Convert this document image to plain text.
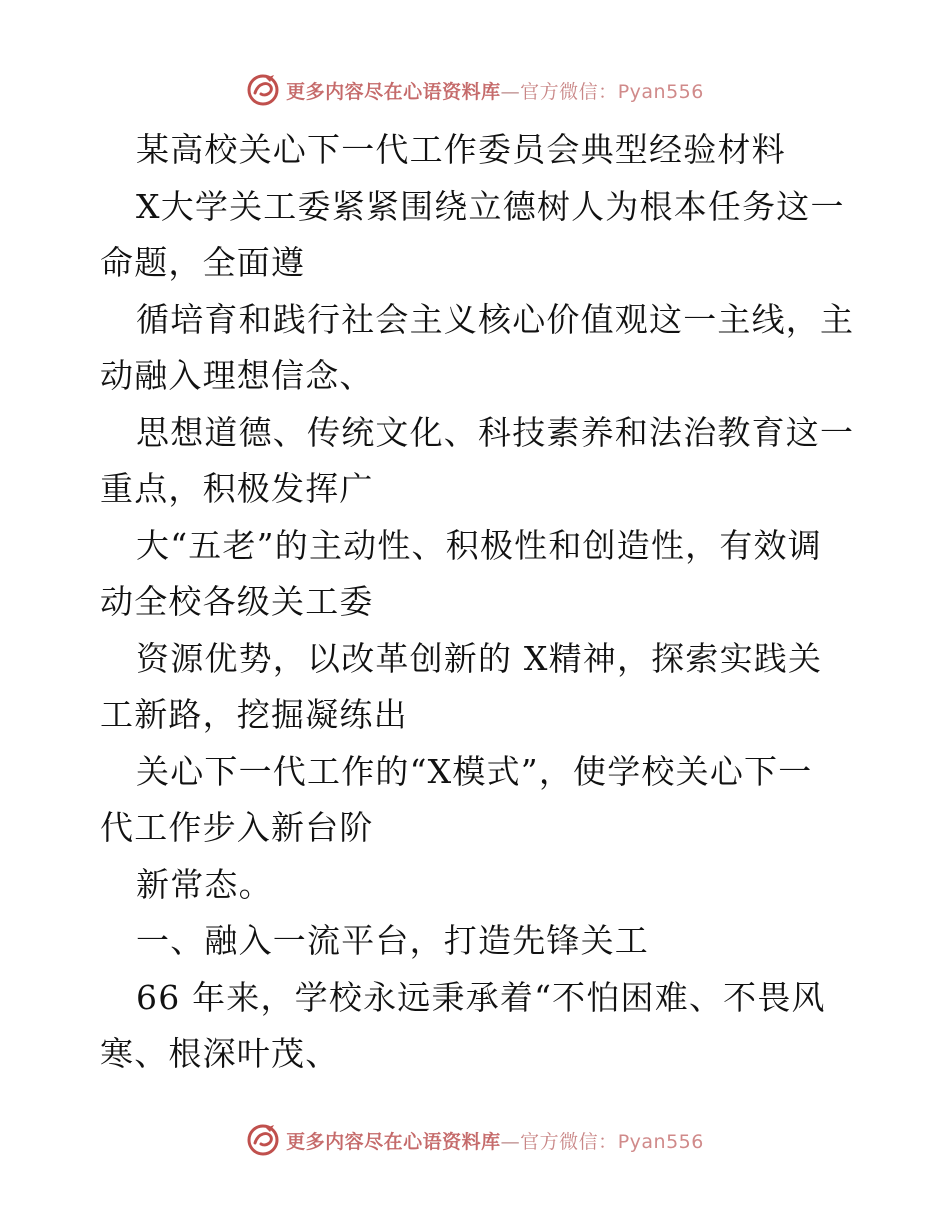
更多内容尽在心语资料库—官方微信：Pyan556
某高校关心下一代工作委员会典型经验材料
X大学关工委紧紧围绕立德树人为根本任务这一
命题，全面遵
循培育和践行社会主义核心价值观这一主线，主
动融入理想信念、
思想道德、传统文化、科技素养和法治教育这一
重点，积极发挥广
大“五老”的主动性、积极性和创造性，有效调
动全校各级关工委
资源优势，以改革创新的 X精神，探索实践关
工新路，挖掘凝练出
关心下一代工作的“X模式”，使学校关心下一
代工作步入新台阶
新常态。
一、融入一流平台，打造先锋关工
66 年来，学校永远秉承着“不怕困难、不畏风
寒、根深叶茂、
更多内容尽在心语资料库—官方微信：Pyan556
